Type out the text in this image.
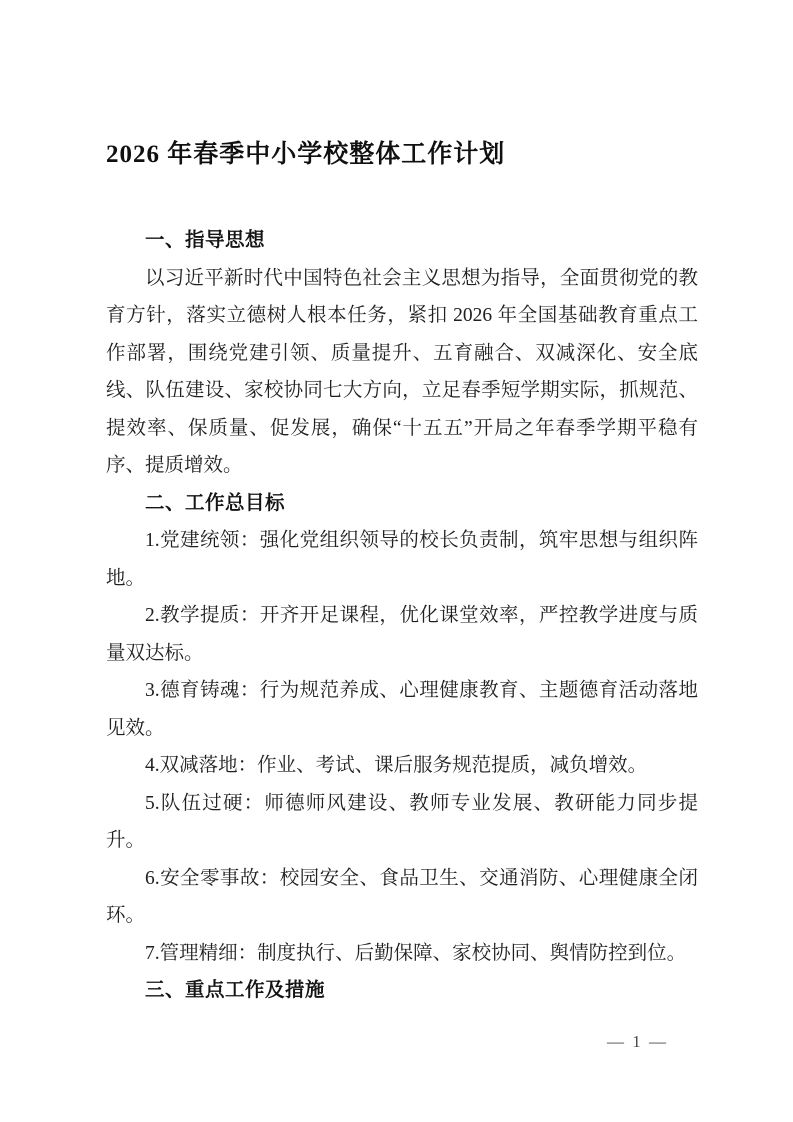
2026 年春季中小学校整体工作计划
一、指导思想

以习近平新时代中国特色社会主义思想为指导，全面贯彻党的教育方针，落实立德树人根本任务，紧扣 2026 年全国基础教育重点工作部署，围绕党建引领、质量提升、五育融合、双减深化、安全底线、队伍建设、家校协同七大方向，立足春季短学期实际，抓规范、提效率、保质量、促发展，确保“十五五”开局之年春季学期平稳有序、提质增效。

二、工作总目标

1.党建统领：强化党组织领导的校长负责制，筑牢思想与组织阵地。

2.教学提质：开齐开足课程，优化课堂效率，严控教学进度与质量双达标。

3.德育铸魂：行为规范养成、心理健康教育、主题德育活动落地见效。

4.双减落地：作业、考试、课后服务规范提质，减负增效。

5.队伍过硬：师德师风建设、教师专业发展、教研能力同步提升。

6.安全零事故：校园安全、食品卫生、交通消防、心理健康全闭环。

7.管理精细：制度执行、后勤保障、家校协同、舆情防控到位。

三、重点工作及措施
— 1 —
